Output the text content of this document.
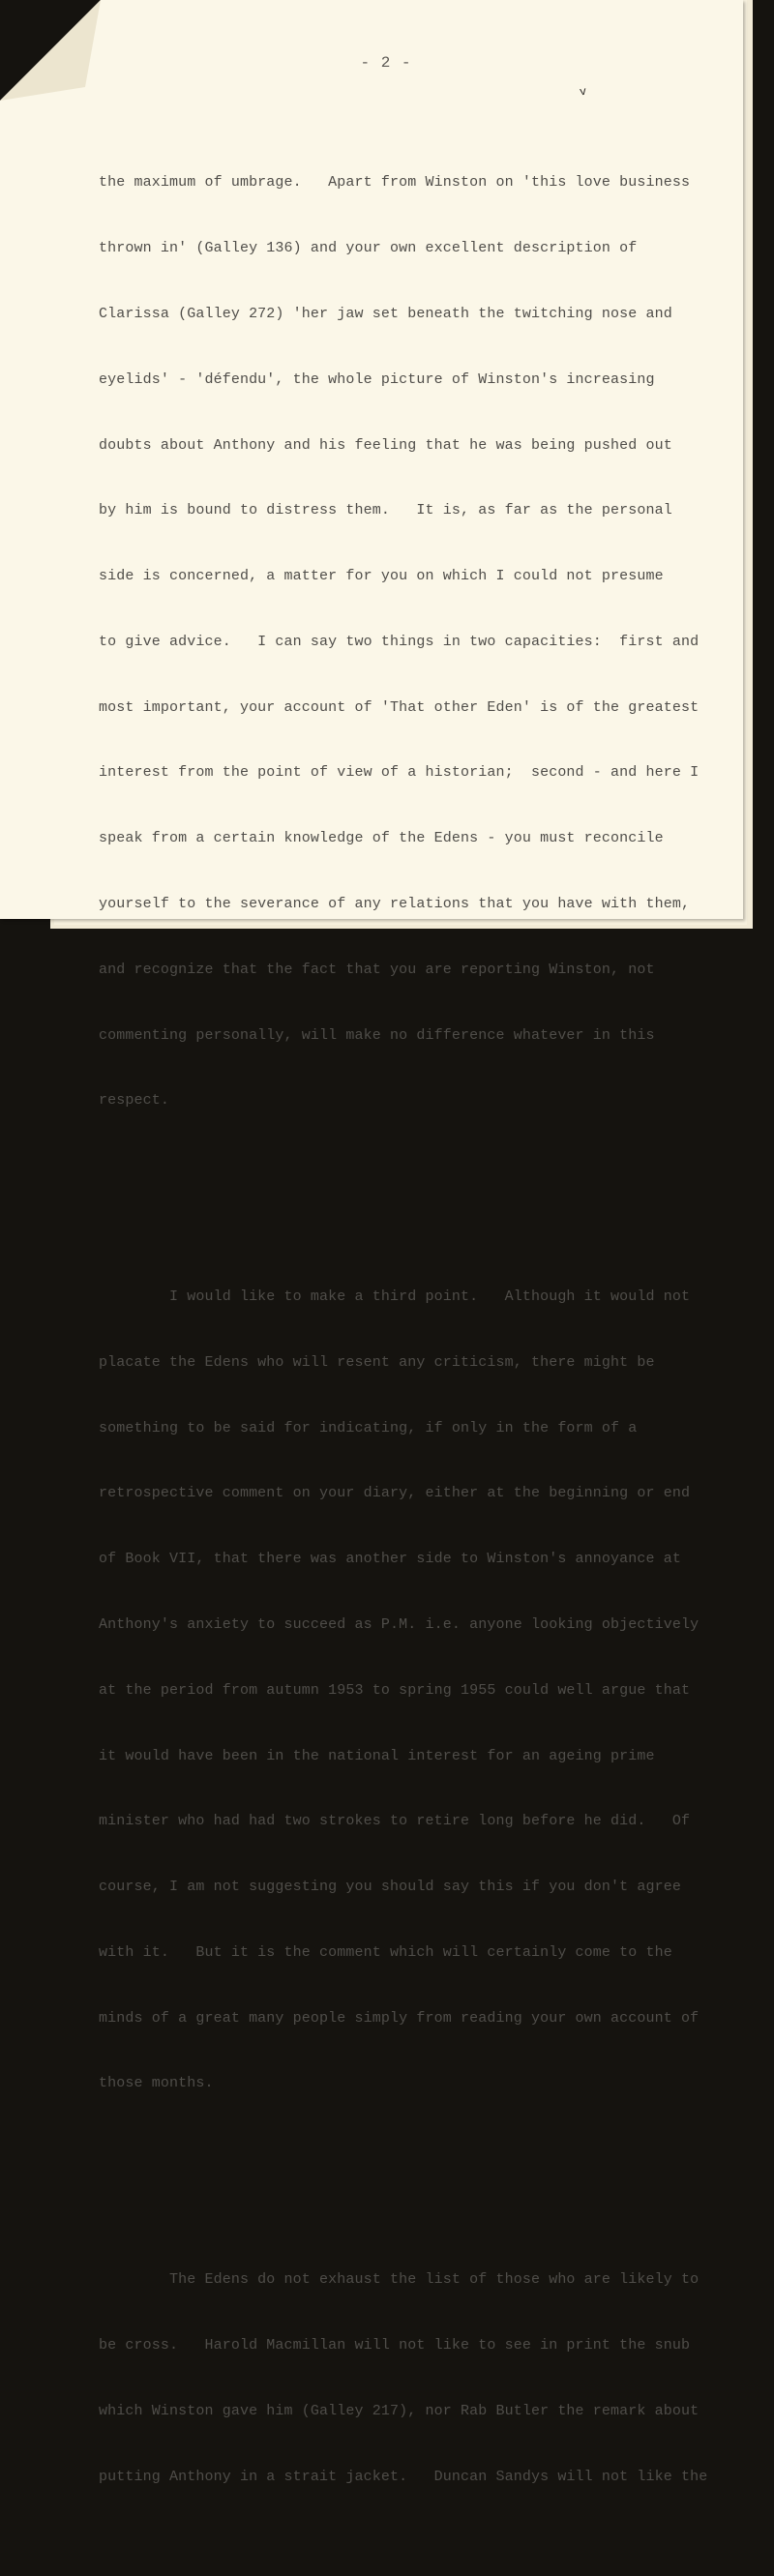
- 2 -
v

the maximum of umbrage.   Apart from Winston on 'this love business

thrown in' (Galley 136) and your own excellent description of

Clarissa (Galley 272) 'her jaw set beneath the twitching nose and

eyelids' - 'défendu', the whole picture of Winston's increasing

doubts about Anthony and his feeling that he was being pushed out

by him is bound to distress them.   It is, as far as the personal

side is concerned, a matter for you on which I could not presume

to give advice.   I can say two things in two capacities:  first and

most important, your account of 'That other Eden' is of the greatest

interest from the point of view of a historian;  second - and here I

speak from a certain knowledge of the Edens - you must reconcile

yourself to the severance of any relations that you have with them,

and recognize that the fact that you are reporting Winston, not

commenting personally, will make no difference whatever in this

respect.

I would like to make a third point.   Although it would not

placate the Edens who will resent any criticism, there might be

something to be said for indicating, if only in the form of a

retrospective comment on your diary, either at the beginning or end

of Book VII, that there was another side to Winston's annoyance at

Anthony's anxiety to succeed as P.M. i.e. anyone looking objectively

at the period from autumn 1953 to spring 1955 could well argue that

it would have been in the national interest for an ageing prime

minister who had had two strokes to retire long before he did.   Of

course, I am not suggesting you should say this if you don't agree

with it.   But it is the comment which will certainly come to the

minds of a great many people simply from reading your own account of

those months.

The Edens do not exhaust the list of those who are likely to

be cross.   Harold Macmillan will not like to see in print the snub

which Winston gave him (Galley 217), nor Rab Butler the remark about

putting Anthony in a strait jacket.   Duncan Sandys will not like the
